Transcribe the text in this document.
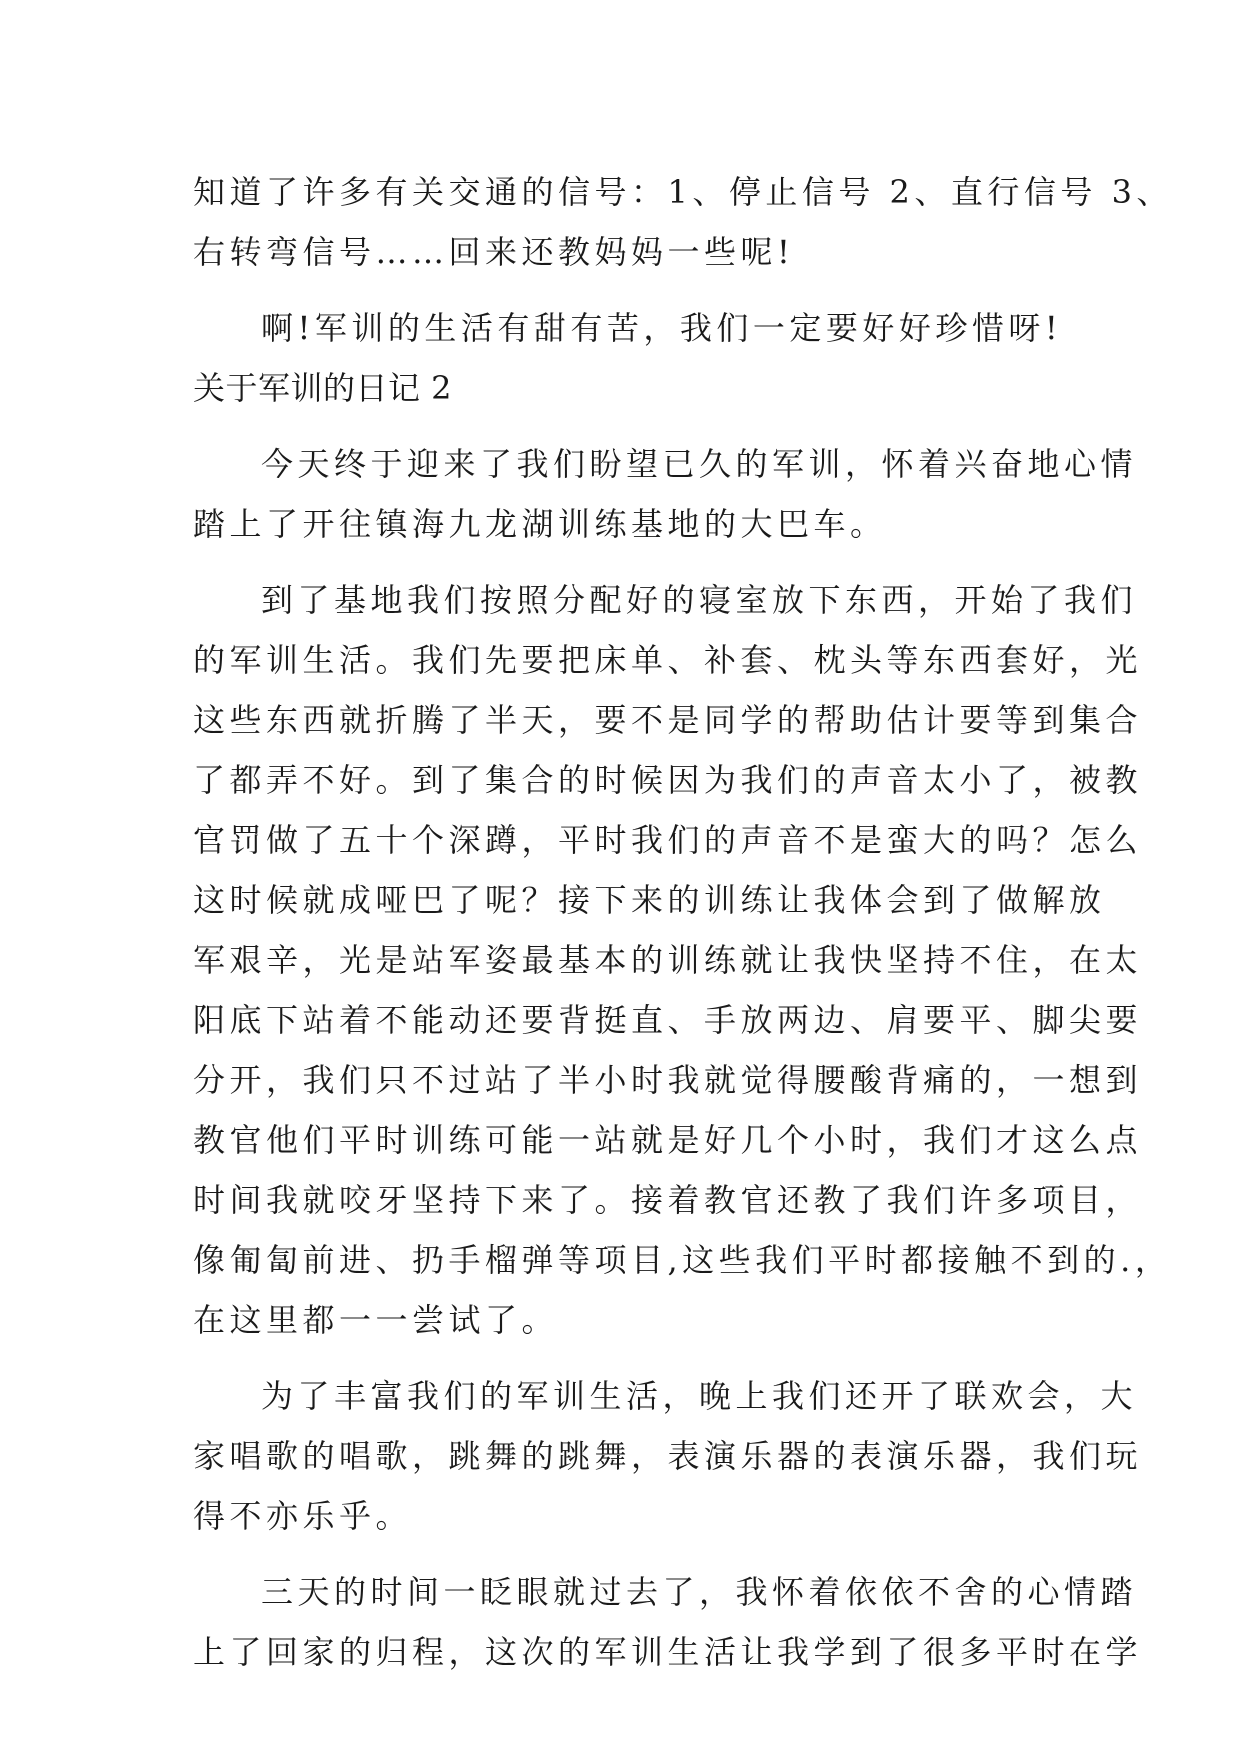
知道了许多有关交通的信号：1、停止信号 2、直行信号 3、

右转弯信号……回来还教妈妈一些呢!

啊!军训的生活有甜有苦，我们一定要好好珍惜呀!

关于军训的日记 2

今天终于迎来了我们盼望已久的军训，怀着兴奋地心情

踏上了开往镇海九龙湖训练基地的大巴车。

到了基地我们按照分配好的寝室放下东西，开始了我们

的军训生活。我们先要把床单、补套、枕头等东西套好，光

这些东西就折腾了半天，要不是同学的帮助估计要等到集合

了都弄不好。到了集合的时候因为我们的声音太小了，被教

官罚做了五十个深蹲，平时我们的声音不是蛮大的吗？怎么

这时候就成哑巴了呢？接下来的训练让我体会到了做解放

军艰辛，光是站军姿最基本的训练就让我快坚持不住，在太

阳底下站着不能动还要背挺直、手放两边、肩要平、脚尖要

分开，我们只不过站了半小时我就觉得腰酸背痛的，一想到

教官他们平时训练可能一站就是好几个小时，我们才这么点

时间我就咬牙坚持下来了。接着教官还教了我们许多项目，

像匍匐前进、扔手榴弹等项目,这些我们平时都接触不到的.，

在这里都一一尝试了。

为了丰富我们的军训生活，晚上我们还开了联欢会，大

家唱歌的唱歌，跳舞的跳舞，表演乐器的表演乐器，我们玩

得不亦乐乎。

三天的时间一眨眼就过去了，我怀着依依不舍的心情踏

上了回家的归程，这次的军训生活让我学到了很多平时在学
